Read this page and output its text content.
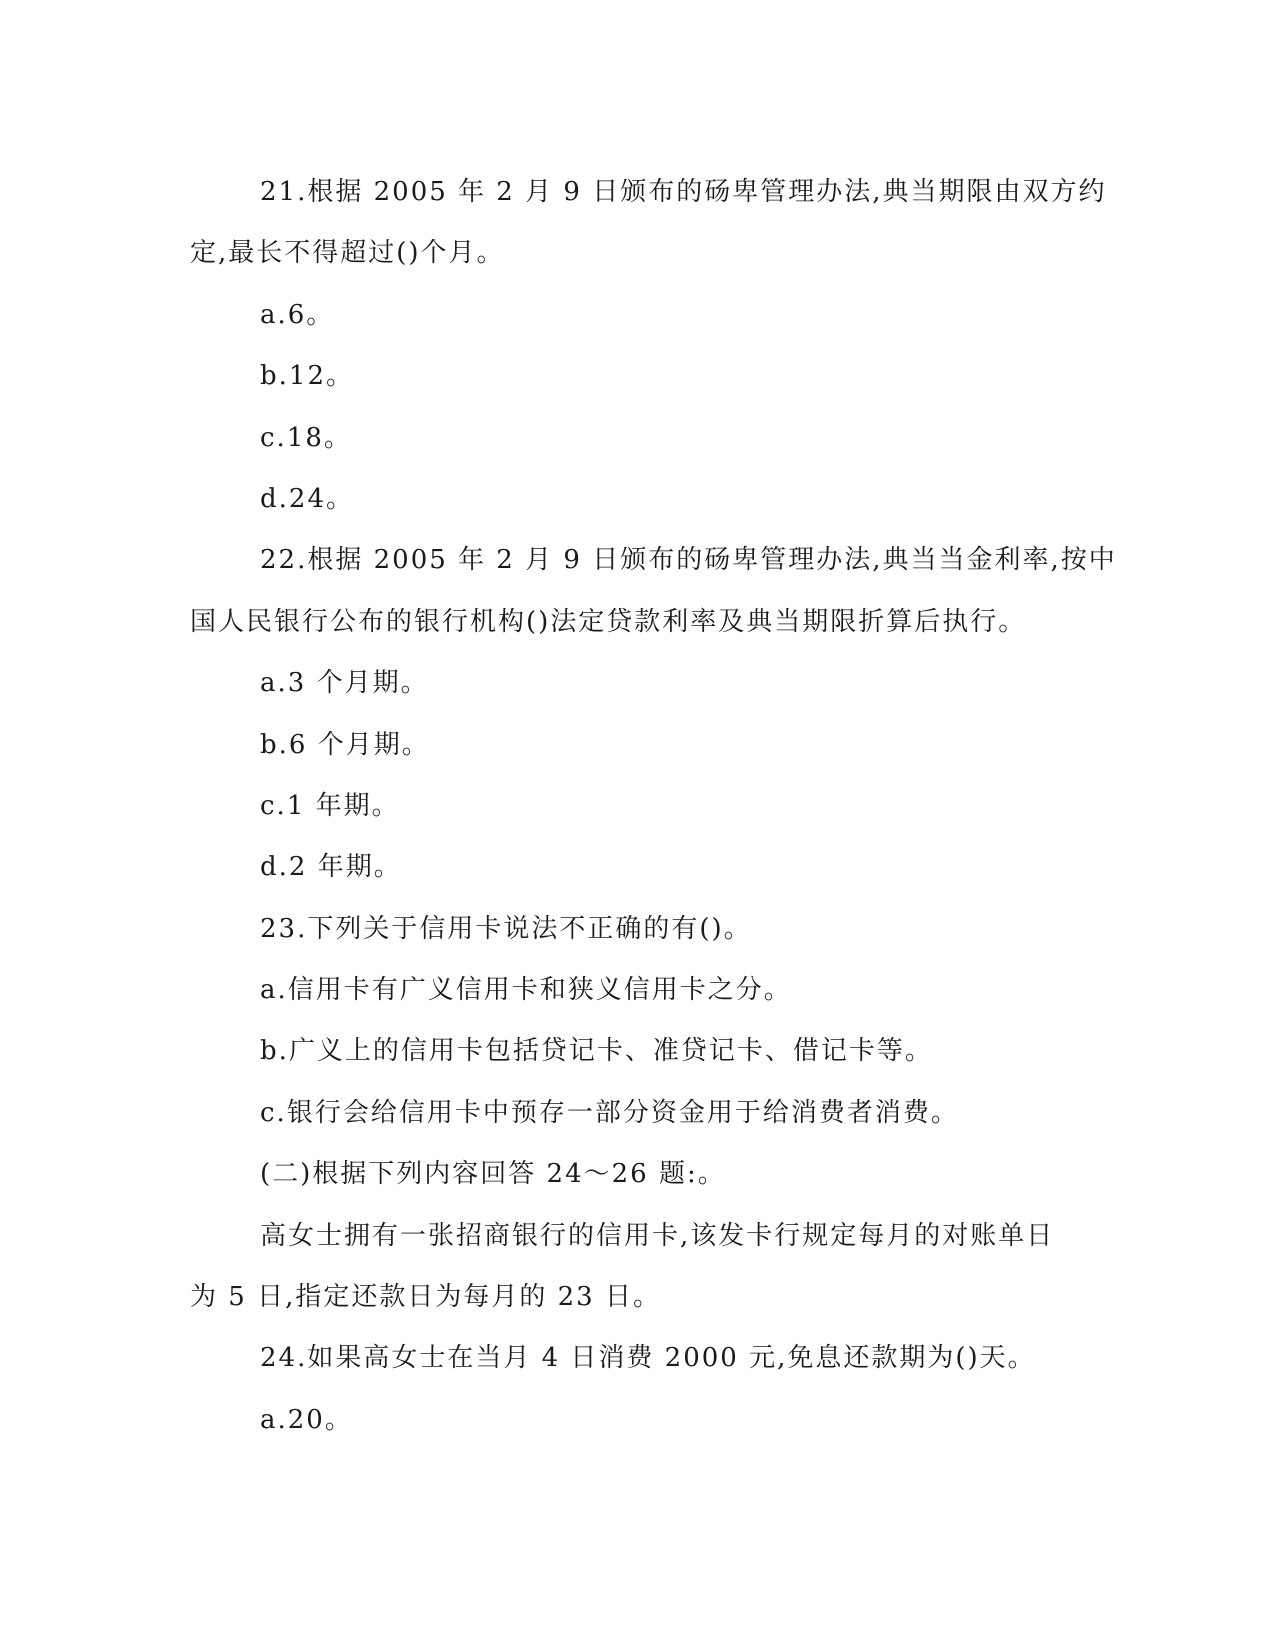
21.根据 2005 年 2 月 9 日颁布的砀卑管理办法,典当期限由双方约
定,最长不得超过()个月。
a.6。
b.12。
c.18。
d.24。
22.根据 2005 年 2 月 9 日颁布的砀卑管理办法,典当当金利率,按中
国人民银行公布的银行机构()法定贷款利率及典当期限折算后执行。
a.3 个月期。
b.6 个月期。
c.1 年期。
d.2 年期。
23.下列关于信用卡说法不正确的有()。
a.信用卡有广义信用卡和狭义信用卡之分。
b.广义上的信用卡包括贷记卡、准贷记卡、借记卡等。
c.银行会给信用卡中预存一部分资金用于给消费者消费。
(二)根据下列内容回答 24～26 题:。
高女士拥有一张招商银行的信用卡,该发卡行规定每月的对账单日
为 5 日,指定还款日为每月的 23 日。
24.如果高女士在当月 4 日消费 2000 元,免息还款期为()天。
a.20。
